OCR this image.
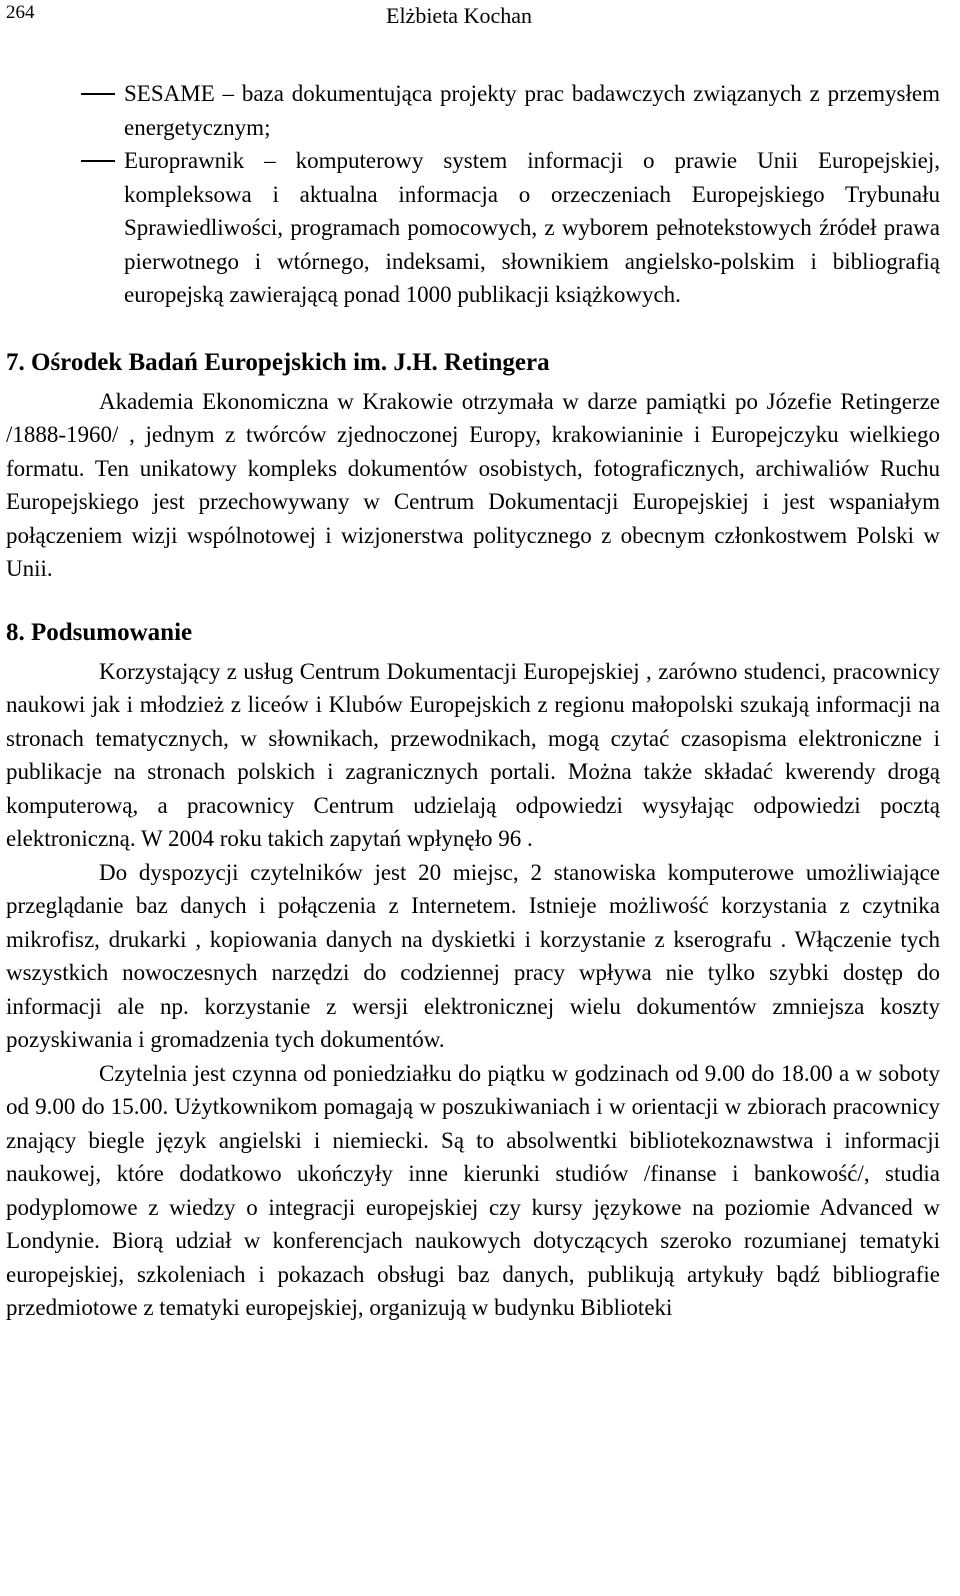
264	Elżbieta Kochan
SESAME – baza dokumentująca projekty prac badawczych związanych z przemysłem energetycznym;
Europrawnik – komputerowy system informacji o prawie Unii Europejskiej, kompleksowa i aktualna informacja o orzeczeniach Europejskiego Trybunału Sprawiedliwości, programach pomocowych, z wyborem pełnotekstowych źródeł prawa pierwotnego i wtórnego, indeksami, słownikiem angielsko-polskim i bibliografią europejską zawierającą ponad 1000 publikacji książkowych.
7. Ośrodek Badań Europejskich im. J.H. Retingera

Akademia Ekonomiczna w Krakowie otrzymała w darze pamiątki po Józefie Retingerze /1888-1960/ , jednym z twórców zjednoczonej Europy, krakowianinie i Europejczyku wielkiego formatu. Ten unikatowy kompleks dokumentów osobistych, fotograficznych, archiwaliów Ruchu Europejskiego jest przechowywany w Centrum Dokumentacji Europejskiej i jest wspaniałym połączeniem wizji wspólnotowej i wizjonerstwa politycznego z obecnym członkostwem Polski w Unii.

8. Podsumowanie

Korzystający z usług Centrum Dokumentacji Europejskiej , zarówno studenci, pracownicy naukowi jak i młodzież z liceów i Klubów Europejskich z regionu małopolski szukają informacji na stronach tematycznych, w słownikach, przewodnikach, mogą czytać czasopisma elektroniczne i publikacje na stronach polskich i zagranicznych portali. Można także składać kwerendy drogą komputerową, a pracownicy Centrum udzielają odpowiedzi wysyłając odpowiedzi pocztą elektroniczną. W 2004 roku takich zapytań wpłynęło 96 .

Do dyspozycji czytelników jest 20 miejsc, 2 stanowiska komputerowe umożliwiające przeglądanie baz danych i połączenia z Internetem. Istnieje możliwość korzystania z czytnika mikrofisz, drukarki , kopiowania danych na dyskietki i korzystanie z kserografu . Włączenie tych wszystkich nowoczesnych narzędzi do codziennej pracy wpływa nie tylko szybki dostęp do informacji ale np. korzystanie z wersji elektronicznej wielu dokumentów zmniejsza koszty pozyskiwania i gromadzenia tych dokumentów.

Czytelnia jest czynna od poniedziałku do piątku w godzinach od 9.00 do 18.00 a w soboty od 9.00 do 15.00. Użytkownikom pomagają w poszukiwaniach i w orientacji w zbiorach pracownicy znający biegle język angielski i niemiecki. Są to absolwentki bibliotekoznawstwa i informacji naukowej, które dodatkowo ukończyły inne kierunki studiów /finanse i bankowość/, studia podyplomowe z wiedzy o integracji europejskiej czy kursy językowe na poziomie Advanced w Londynie. Biorą udział w konferencjach naukowych dotyczących szeroko rozumianej tematyki europejskiej, szkoleniach i pokazach obsługi baz danych, publikują artykuły bądź bibliografie przedmiotowe z tematyki europejskiej, organizują w budynku Biblioteki
